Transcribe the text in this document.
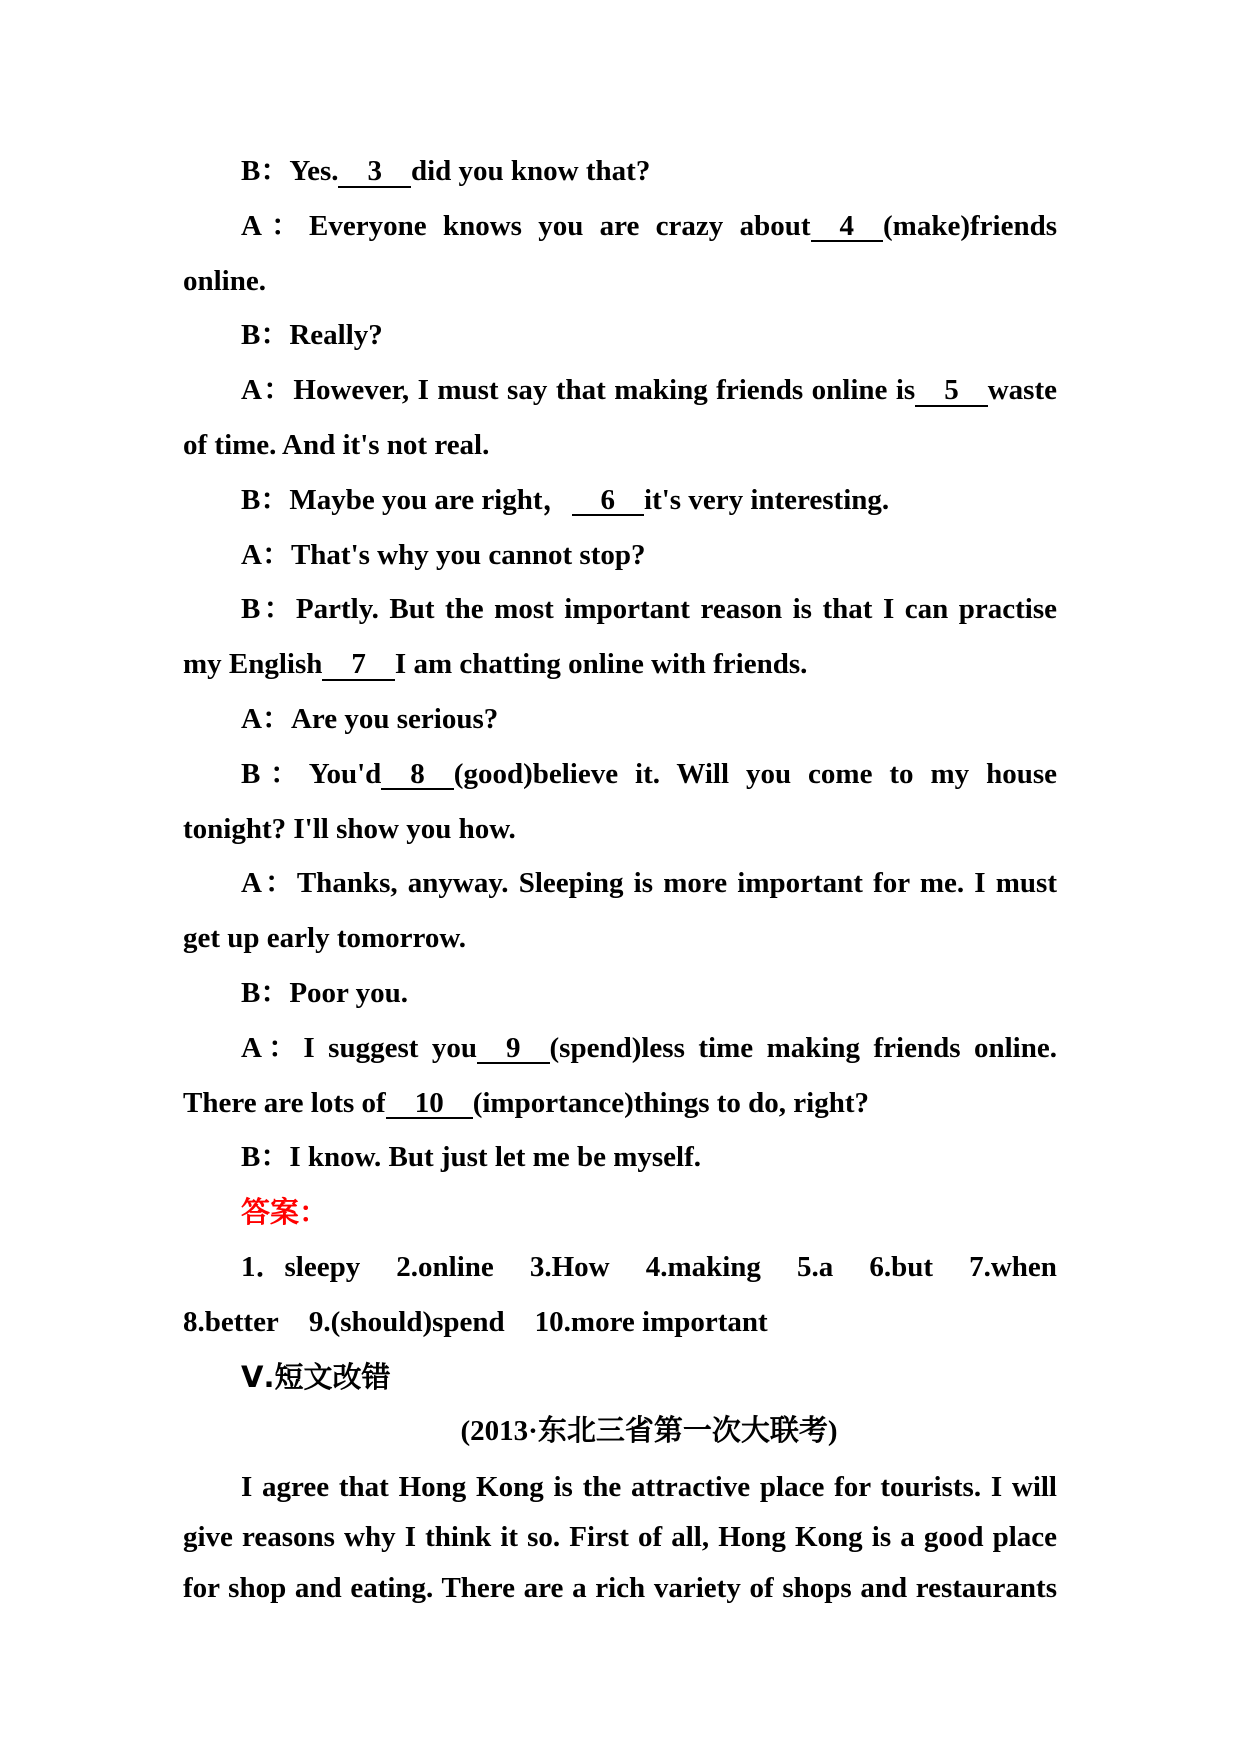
B：Yes. 3 did you know that?
A：Everyone knows you are crazy about 4 (make)friends
online.
B：Really?
A：However, I must say that making friends online is 5 waste
of time. And it's not real.
B：Maybe you are right， 6 it's very interesting.
A：That's why you cannot stop?
B：Partly. But the most important reason is that I can practise
my English 7 I am chatting online with friends.
A：Are you serious?
B：You'd 8 (good)believe it. Will you come to my house
tonight? I'll show you how.
A：Thanks, anyway. Sleeping is more important for me. I must
get up early tomorrow.
B：Poor you.
A：I suggest you 9 (spend)less time making friends online.
There are lots of 10 (importance)things to do, right?
B：I know. But just let me be myself.
答案：
1．sleepy 2.online 3.How 4.making 5.a 6.but 7.when
8.better 9.(should)spend 10.more important
Ⅴ.短文改错
(2013·东北三省第一次大联考)
I agree that Hong Kong is the attractive place for tourists. I will
give reasons why I think it so. First of all, Hong Kong is a good place
for shop and eating. There are a rich variety of shops and restaurants
